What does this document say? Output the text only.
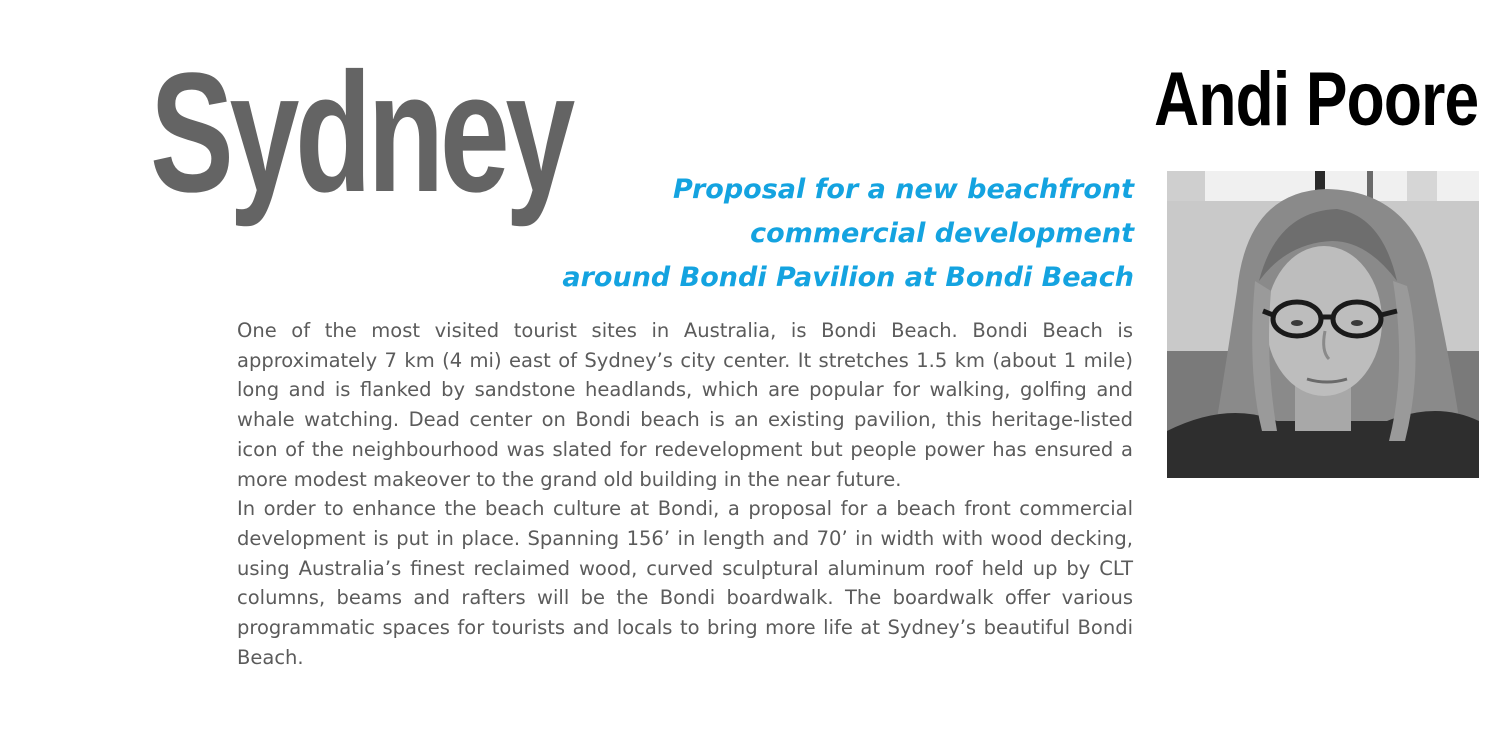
Sydney	Andi Poore
Proposal for a new beachfront
commercial development
around Bondi Pavilion at Bondi Beach

One of the most visited tourist sites in Australia, is Bondi Beach. Bondi Beach is approximately 7 km (4 mi) east of Sydney’s city center. It stretches 1.5 km (about 1 mile) long and is flanked by sandstone headlands, which are popular for walking, golfing and whale watching. Dead center on Bondi beach is an existing pavilion, this heritage-listed icon of the neighbourhood was slated for redevelopment but people power has ensured a more modest makeover to the grand old building in the near future.

In order to enhance the beach culture at Bondi, a proposal for a beach front commercial development is put in place. Spanning 156’ in length and 70’ in width with wood decking, using Australia’s finest reclaimed wood, curved sculptural aluminum roof held up by CLT columns, beams and rafters will be the Bondi boardwalk. The boardwalk offer various programmatic spaces for tourists and locals to bring more life at Sydney’s beautiful Bondi Beach.
